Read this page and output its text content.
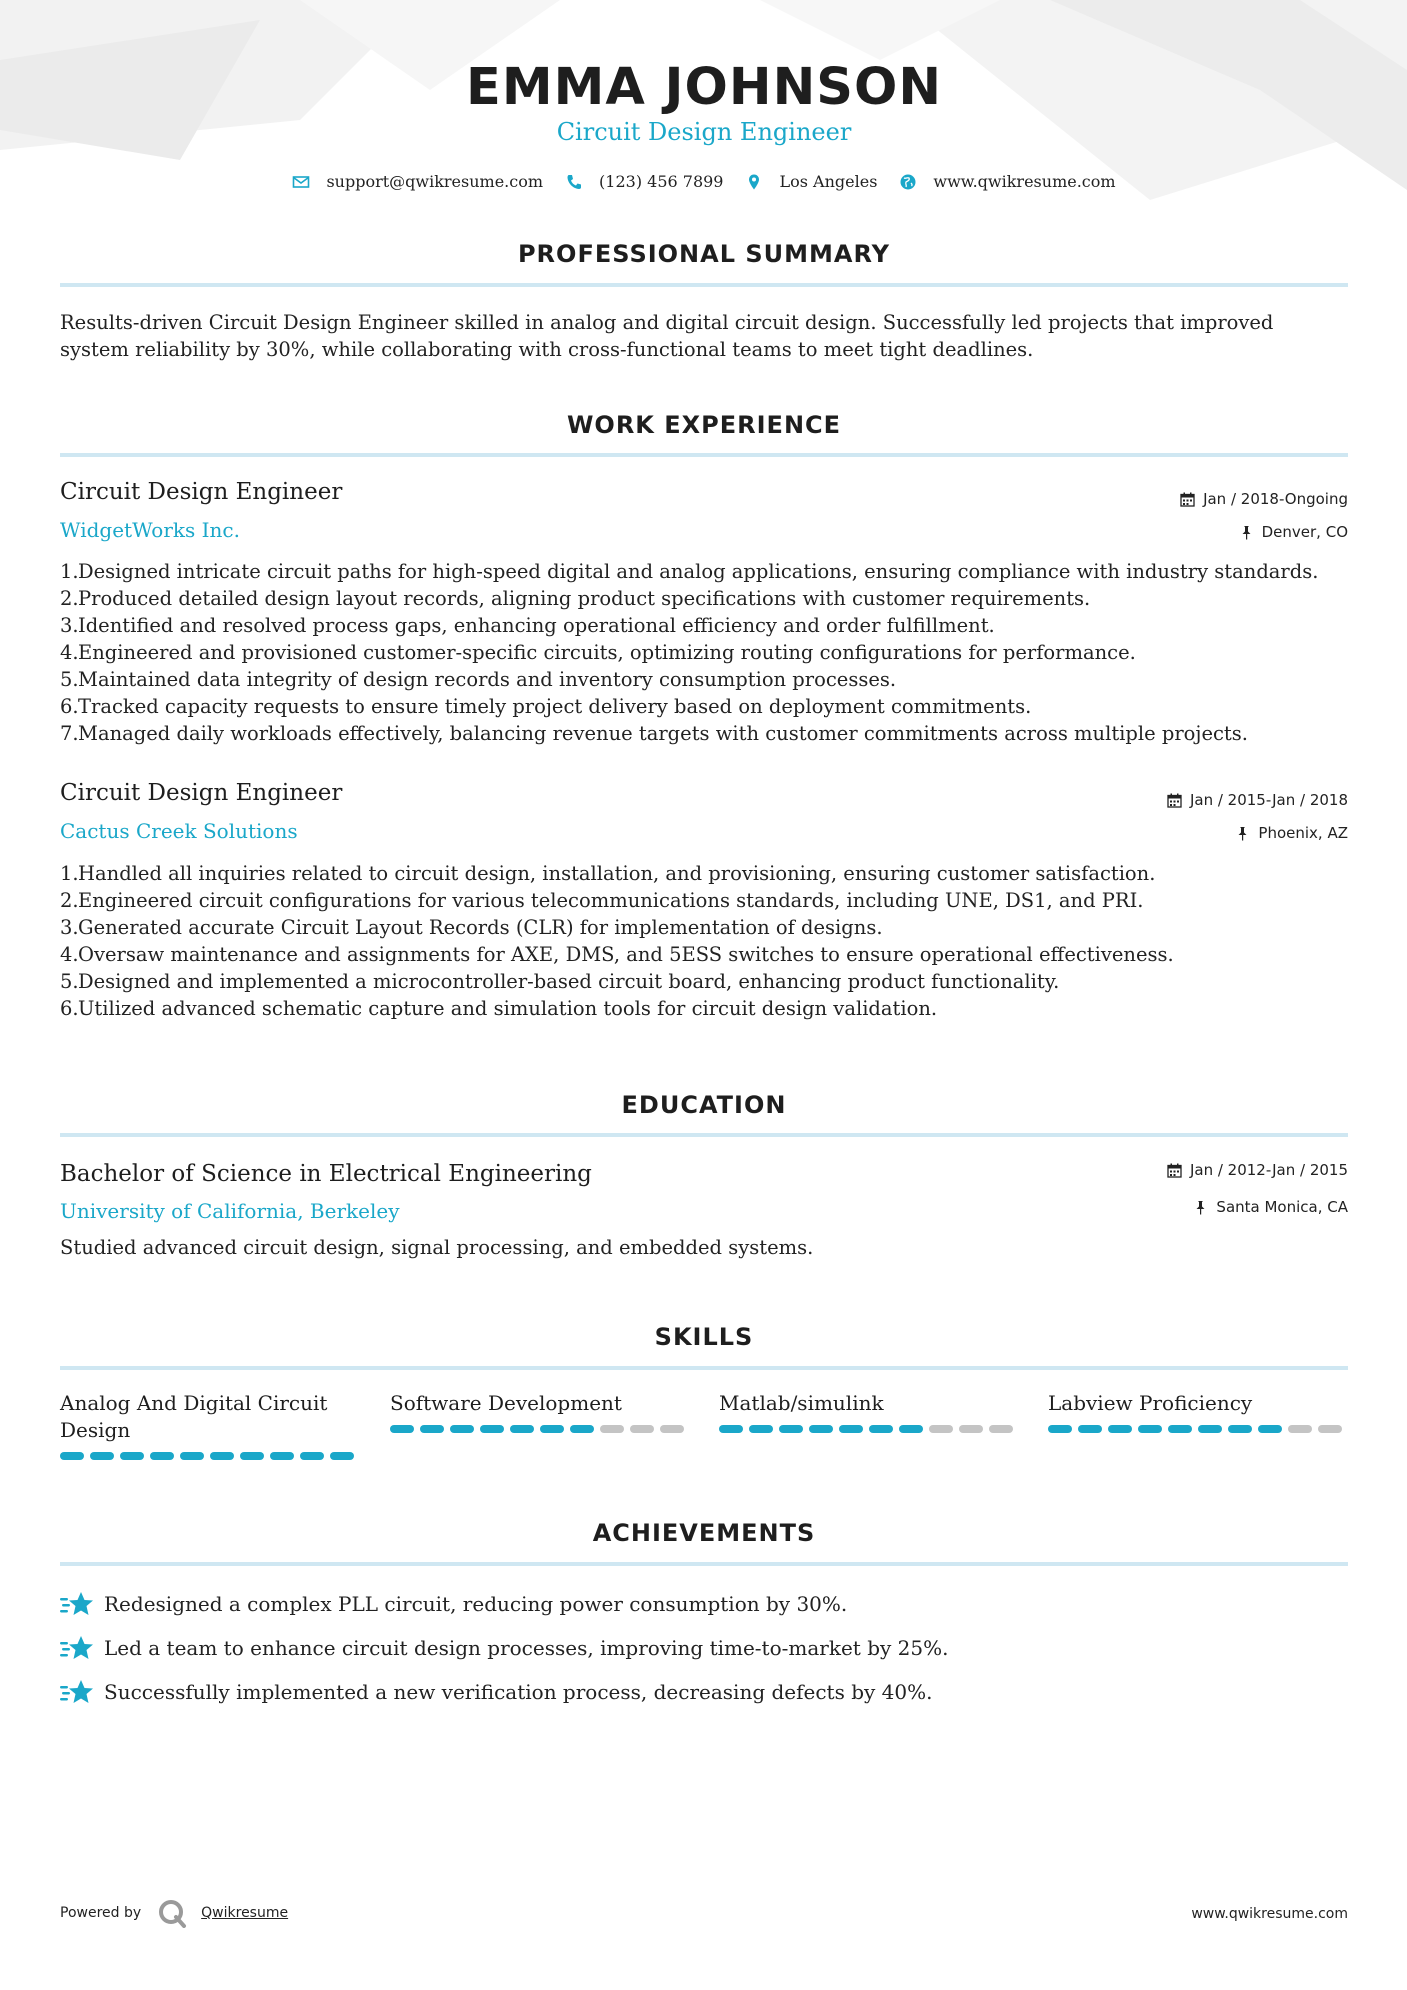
EMMA JOHNSON
Circuit Design Engineer
support@qwikresume.com	(123) 456 7899	Los Angeles	www.qwikresume.com
PROFESSIONAL SUMMARY
Results-driven Circuit Design Engineer skilled in analog and digital circuit design. Successfully led projects that improved system reliability by 30%, while collaborating with cross-functional teams to meet tight deadlines.
WORK EXPERIENCE
Circuit Design Engineer
WidgetWorks Inc.
Jan / 2018-Ongoing
Denver, CO
Designed intricate circuit paths for high-speed digital and analog applications, ensuring compliance with industry standards.
Produced detailed design layout records, aligning product specifications with customer requirements.
Identified and resolved process gaps, enhancing operational efficiency and order fulfillment.
Engineered and provisioned customer-specific circuits, optimizing routing configurations for performance.
Maintained data integrity of design records and inventory consumption processes.
Tracked capacity requests to ensure timely project delivery based on deployment commitments.
Managed daily workloads effectively, balancing revenue targets with customer commitments across multiple projects.
Circuit Design Engineer
Cactus Creek Solutions
Jan / 2015-Jan / 2018
Phoenix, AZ
Handled all inquiries related to circuit design, installation, and provisioning, ensuring customer satisfaction.
Engineered circuit configurations for various telecommunications standards, including UNE, DS1, and PRI.
Generated accurate Circuit Layout Records (CLR) for implementation of designs.
Oversaw maintenance and assignments for AXE, DMS, and 5ESS switches to ensure operational effectiveness.
Designed and implemented a microcontroller-based circuit board, enhancing product functionality.
Utilized advanced schematic capture and simulation tools for circuit design validation.
EDUCATION
Bachelor of Science in Electrical Engineering
University of California, Berkeley
Jan / 2012-Jan / 2015
Santa Monica, CA
Studied advanced circuit design, signal processing, and embedded systems.
SKILLS
Analog And Digital Circuit Design
Software Development	Matlab/simulink	Labview Proficiency
ACHIEVEMENTS
Redesigned a complex PLL circuit, reducing power consumption by 30%.
Led a team to enhance circuit design processes, improving time-to-market by 25%.
Successfully implemented a new verification process, decreasing defects by 40%.
Powered by	Qwikresume	www.qwikresume.com
